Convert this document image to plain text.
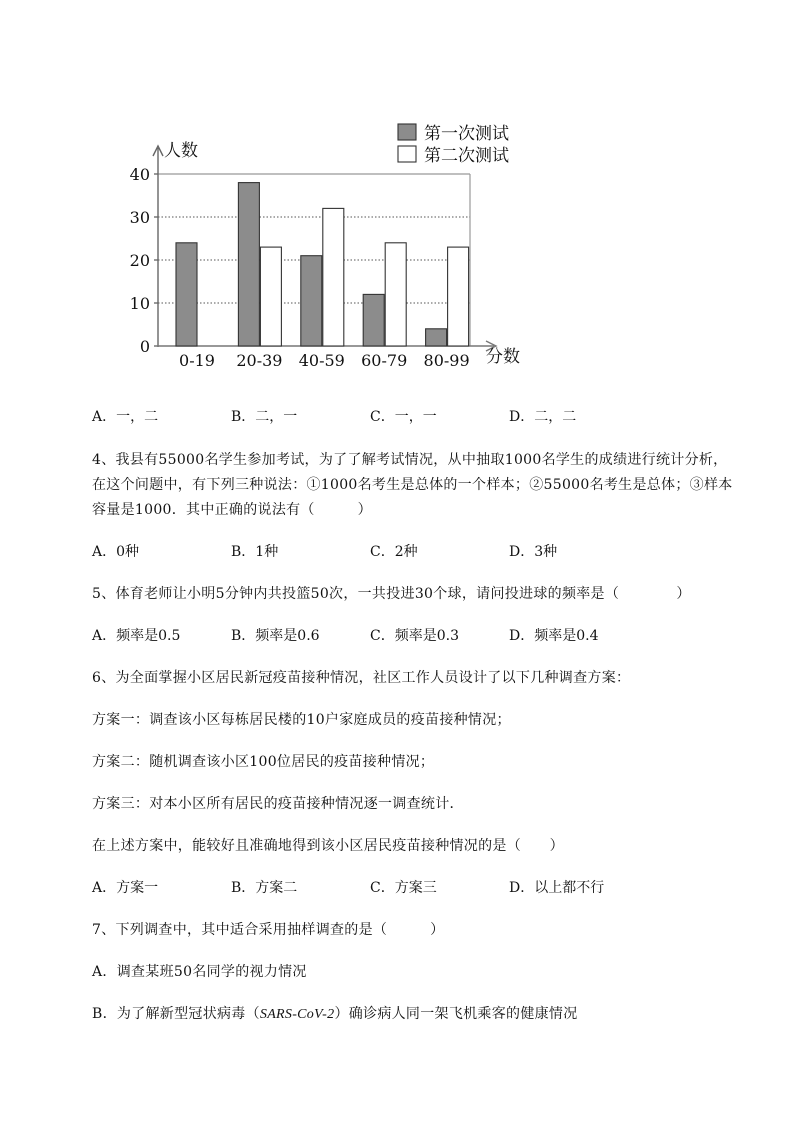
0
10
20
30
40
人数
分数
0-19 20-39 40-59 60-79 80-99
第一次测试
第二次测试
A．一，二	B．二，一	C．一，一	D．二，二
4、我县有55000名学生参加考试，为了了解考试情况，从中抽取1000名学生的成绩进行统计分析，
在这个问题中，有下列三种说法：①1000名考生是总体的一个样本；②55000名考生是总体；③样本
容量是1000．其中正确的说法有（　　　）
A．0种	B．1种	C．2种	D．3种
5、体育老师让小明5分钟内共投篮50次，一共投进30个球，请问投进球的频率是（　　　　）
A．频率是0.5	B．频率是0.6	C．频率是0.3	D．频率是0.4
6、为全面掌握小区居民新冠疫苗接种情况，社区工作人员设计了以下几种调查方案：
方案一：调查该小区每栋居民楼的10户家庭成员的疫苗接种情况；
方案二：随机调查该小区100位居民的疫苗接种情况；
方案三：对本小区所有居民的疫苗接种情况逐一调查统计．
在上述方案中，能较好且准确地得到该小区居民疫苗接种情况的是（　　）
A．方案一	B．方案二	C．方案三	D．以上都不行
7、下列调查中，其中适合采用抽样调查的是（　　　）
A．调查某班50名同学的视力情况
B．为了解新型冠状病毒（SARS-CoV-2）确诊病人同一架飞机乘客的健康情况
